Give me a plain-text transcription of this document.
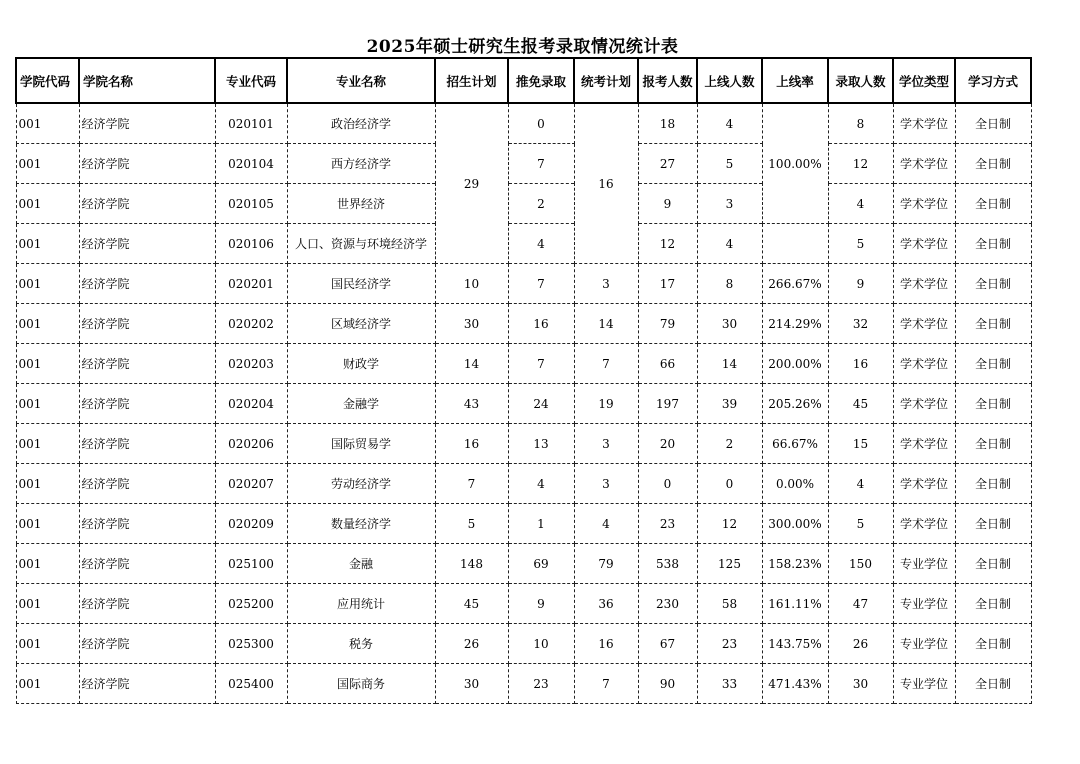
2025年硕士研究生报考录取情况统计表
学院代码	学院名称	专业代码	专业名称	招生计划	推免录取	统考计划	报考人数	上线人数	上线率	录取人数	学位类型	学习方式
001	经济学院	020101	政治经济学	29	0	16	18	4	100.00%	8	学术学位	全日制
001	经济学院	020104	西方经济学		7		27	5		12	学术学位	全日制
001	经济学院	020105	世界经济		2		9	3		4	学术学位	全日制
001	经济学院	020106	人口、资源与环境经济学		4		12	4		5	学术学位	全日制
001	经济学院	020201	国民经济学	10	7	3	17	8	266.67%	9	学术学位	全日制
001	经济学院	020202	区域经济学	30	16	14	79	30	214.29%	32	学术学位	全日制
001	经济学院	020203	财政学	14	7	7	66	14	200.00%	16	学术学位	全日制
001	经济学院	020204	金融学	43	24	19	197	39	205.26%	45	学术学位	全日制
001	经济学院	020206	国际贸易学	16	13	3	20	2	66.67%	15	学术学位	全日制
001	经济学院	020207	劳动经济学	7	4	3	0	0	0.00%	4	学术学位	全日制
001	经济学院	020209	数量经济学	5	1	4	23	12	300.00%	5	学术学位	全日制
001	经济学院	025100	金融	148	69	79	538	125	158.23%	150	专业学位	全日制
001	经济学院	025200	应用统计	45	9	36	230	58	161.11%	47	专业学位	全日制
001	经济学院	025300	税务	26	10	16	67	23	143.75%	26	专业学位	全日制
001	经济学院	025400	国际商务	30	23	7	90	33	471.43%	30	专业学位	全日制
